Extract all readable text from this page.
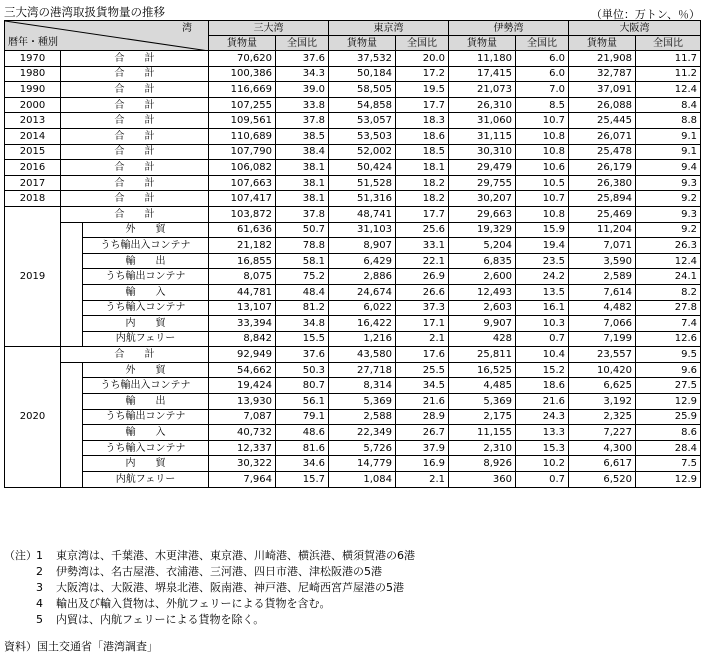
三大湾の港湾取扱貨物量の推移	（単位：万トン、％）
湾
暦年・種別			三大湾		東京湾		伊勢湾		大阪湾	
			貨物量	全国比	貨物量	全国比	貨物量	全国比	貨物量	全国比
1970	合　　計		70,620	37.6	37,532	20.0	11,180	6.0	21,908	11.7
1980	合　　計		100,386	34.3	50,184	17.2	17,415	6.0	32,787	11.2
1990	合　　計		116,669	39.0	58,505	19.5	21,073	7.0	37,091	12.4
2000	合　　計		107,255	33.8	54,858	17.7	26,310	8.5	26,088	8.4
2013	合　　計		109,561	37.8	53,057	18.3	31,060	10.7	25,445	8.8
2014	合　　計		110,689	38.5	53,503	18.6	31,115	10.8	26,071	9.1
2015	合　　計		107,790	38.4	52,002	18.5	30,310	10.8	25,478	9.1
2016	合　　計		106,082	38.1	50,424	18.1	29,479	10.6	26,179	9.4
2017	合　　計		107,663	38.1	51,528	18.2	29,755	10.5	26,380	9.3
2018	合　　計		107,417	38.1	51,316	18.2	30,207	10.7	25,894	9.2
2019	合　　計		103,872	37.8	48,741	17.7	29,663	10.8	25,469	9.3
		外　　貿	61,636	50.7	31,103	25.6	19,329	15.9	11,204	9.2
		うち輸出入コンテナ	21,182	78.8	8,907	33.1	5,204	19.4	7,071	26.3
		輸　　出	16,855	58.1	6,429	22.1	6,835	23.5	3,590	12.4
		うち輸出コンテナ	8,075	75.2	2,886	26.9	2,600	24.2	2,589	24.1
		輸　　入	44,781	48.4	24,674	26.6	12,493	13.5	7,614	8.2
		うち輸入コンテナ	13,107	81.2	6,022	37.3	2,603	16.1	4,482	27.8
		内　　貿	33,394	34.8	16,422	17.1	9,907	10.3	7,066	7.4
		内航フェリー	8,842	15.5	1,216	2.1	428	0.7	7,199	12.6
2020	合　　計		92,949	37.6	43,580	17.6	25,811	10.4	23,557	9.5
		外　　貿	54,662	50.3	27,718	25.5	16,525	15.2	10,420	9.6
		うち輸出入コンテナ	19,424	80.7	8,314	34.5	4,485	18.6	6,625	27.5
		輸　　出	13,930	56.1	5,369	21.6	5,369	21.6	3,192	12.9
		うち輸出コンテナ	7,087	79.1	2,588	28.9	2,175	24.3	2,325	25.9
		輸　　入	40,732	48.6	22,349	26.7	11,155	13.3	7,227	8.6
		うち輸入コンテナ	12,337	81.6	5,726	37.9	2,310	15.3	4,300	28.4
		内　　貿	30,322	34.6	14,779	16.9	8,926	10.2	6,617	7.5
		内航フェリー	7,964	15.7	1,084	2.1	360	0.7	6,520	12.9
（注） 1	東京湾は、千葉港、木更津港、東京港、川崎港、横浜港、横須賀港の6港
2	伊勢湾は、名古屋港、衣浦港、三河港、四日市港、津松阪港の5港
3	大阪湾は、大阪港、堺泉北港、阪南港、神戸港、尼崎西宮芦屋港の5港
4	輸出及び輸入貨物は、外航フェリーによる貨物を含む。
5	内貿は、内航フェリーによる貨物を除く。
資料）国土交通省「港湾調査」
